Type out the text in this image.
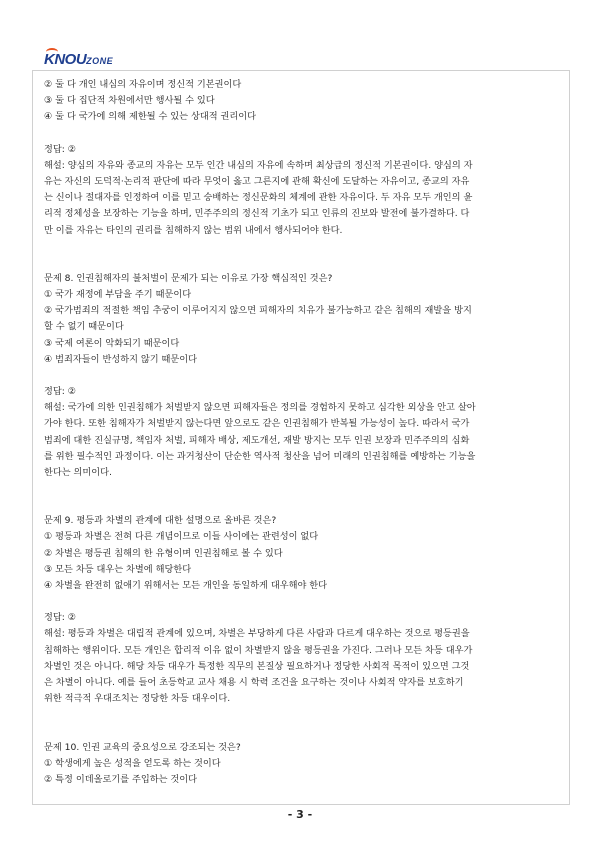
KNOUZONE
② 둘 다 개인 내심의 자유이며 정신적 기본권이다
③ 둘 다 집단적 차원에서만 행사될 수 있다
④ 둘 다 국가에 의해 제한될 수 있는 상대적 권리이다
정답: ②
해설: 양심의 자유와 종교의 자유는 모두 인간 내심의 자유에 속하며 최상급의 정신적 기본권이다. 양심의 자
유는 자신의 도덕적·논리적 판단에 따라 무엇이 옳고 그른지에 관해 확신에 도달하는 자유이고, 종교의 자유
는 신이나 절대자를 인정하여 이를 믿고 숭배하는 정신문화의 체계에 관한 자유이다. 두 자유 모두 개인의 윤
리적 정체성을 보장하는 기능을 하며, 민주주의의 정신적 기초가 되고 인류의 진보와 발전에 불가결하다. 다
만 이를 자유는 타인의 권리를 침해하지 않는 범위 내에서 행사되어야 한다.
문제 8. 인권침해자의 불처벌이 문제가 되는 이유로 가장 핵심적인 것은?
① 국가 재정에 부담을 주기 때문이다
② 국가범죄의 적절한 책임 추궁이 이루어지지 않으면 피해자의 치유가 불가능하고 같은 침해의 재발을 방지
할 수 없기 때문이다
③ 국제 여론이 악화되기 때문이다
④ 범죄자들이 반성하지 않기 때문이다
정답: ②
해설: 국가에 의한 인권침해가 처벌받지 않으면 피해자들은 정의를 경험하지 못하고 심각한 외상을 안고 살아
가야 한다. 또한 침해자가 처벌받지 않는다면 앞으로도 같은 인권침해가 반복될 가능성이 높다. 따라서 국가
범죄에 대한 진실규명, 책임자 처벌, 피해자 배상, 제도개선, 재발 방지는 모두 인권 보장과 민주주의의 심화
를 위한 필수적인 과정이다. 이는 과거청산이 단순한 역사적 청산을 넘어 미래의 인권침해를 예방하는 기능을
한다는 의미이다.
문제 9. 평등과 차별의 관계에 대한 설명으로 올바른 것은?
① 평등과 차별은 전혀 다른 개념이므로 이들 사이에는 관련성이 없다
② 차별은 평등권 침해의 한 유형이며 인권침해로 볼 수 있다
③ 모든 차등 대우는 차별에 해당한다
④ 차별을 완전히 없애기 위해서는 모든 개인을 동일하게 대우해야 한다
정답: ②
해설: 평등과 차별은 대립적 관계에 있으며, 차별은 부당하게 다른 사람과 다르게 대우하는 것으로 평등권을
침해하는 행위이다. 모든 개인은 합리적 이유 없이 차별받지 않을 평등권을 가진다. 그러나 모든 차등 대우가
차별인 것은 아니다. 해당 차등 대우가 특정한 직무의 본질상 필요하거나 정당한 사회적 목적이 있으면 그것
은 차별이 아니다. 예를 들어 초등학교 교사 채용 시 학력 조건을 요구하는 것이나 사회적 약자를 보호하기
위한 적극적 우대조치는 정당한 차등 대우이다.
문제 10. 인권 교육의 중요성으로 강조되는 것은?
① 학생에게 높은 성적을 얻도록 하는 것이다
② 특정 이데올로기를 주입하는 것이다
- 3 -
